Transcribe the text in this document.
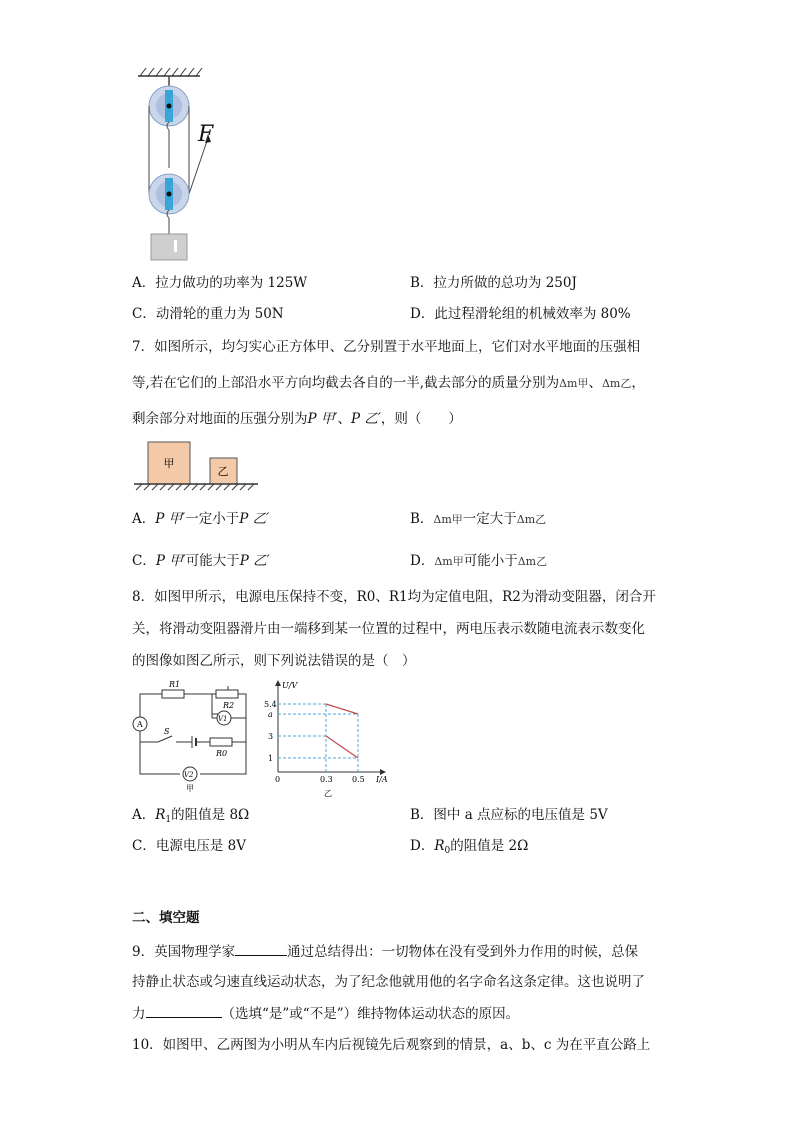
F
A．拉力做功的功率为 125W	B．拉力所做的总功为 250J
C．动滑轮的重力为 50N	D．此过程滑轮组的机械效率为 80%
7．如图所示，均匀实心正方体甲、乙分别置于水平地面上，它们对水平地面的压强相
等,若在它们的上部沿水平方向均截去各自的一半,截去部分的质量分别为Δm甲、Δm乙，
剩余部分对地面的压强分别为P 甲′、P 乙′，则（　　）
甲
乙
A．P 甲′一定小于P 乙′	B．Δm甲一定大于Δm乙
C．P 甲′可能大于P 乙′	D．Δm甲可能小于Δm乙
8．如图甲所示，电源电压保持不变，R0、R1均为定值电阻，R2为滑动变阻器，闭合开
关，将滑动变阻器滑片由一端移到某一位置的过程中，两电压表示数随电流表示数变化
的图像如图乙所示，则下列说法错误的是（　）
R1
R2
V1
A
S
R0
V2
甲
U/V
I/A
5.4
a
3
1
0	0.3 0.5
乙
A．$R_1$的阻值是 8Ω	B．图中 a 点应标的电压值是 5V
C．电源电压是 8V	D．$R_0$的阻值是 2Ω
二、填空题
9．英国物理学家	通过总结得出：一切物体在没有受到外力作用的时候，总保
持静止状态或匀速直线运动状态，为了纪念他就用他的名字命名这条定律。这也说明了
力	（选填“是”或“不是”）维持物体运动状态的原因。
10．如图甲、乙两图为小明从车内后视镜先后观察到的情景，a、b、c 为在平直公路上
